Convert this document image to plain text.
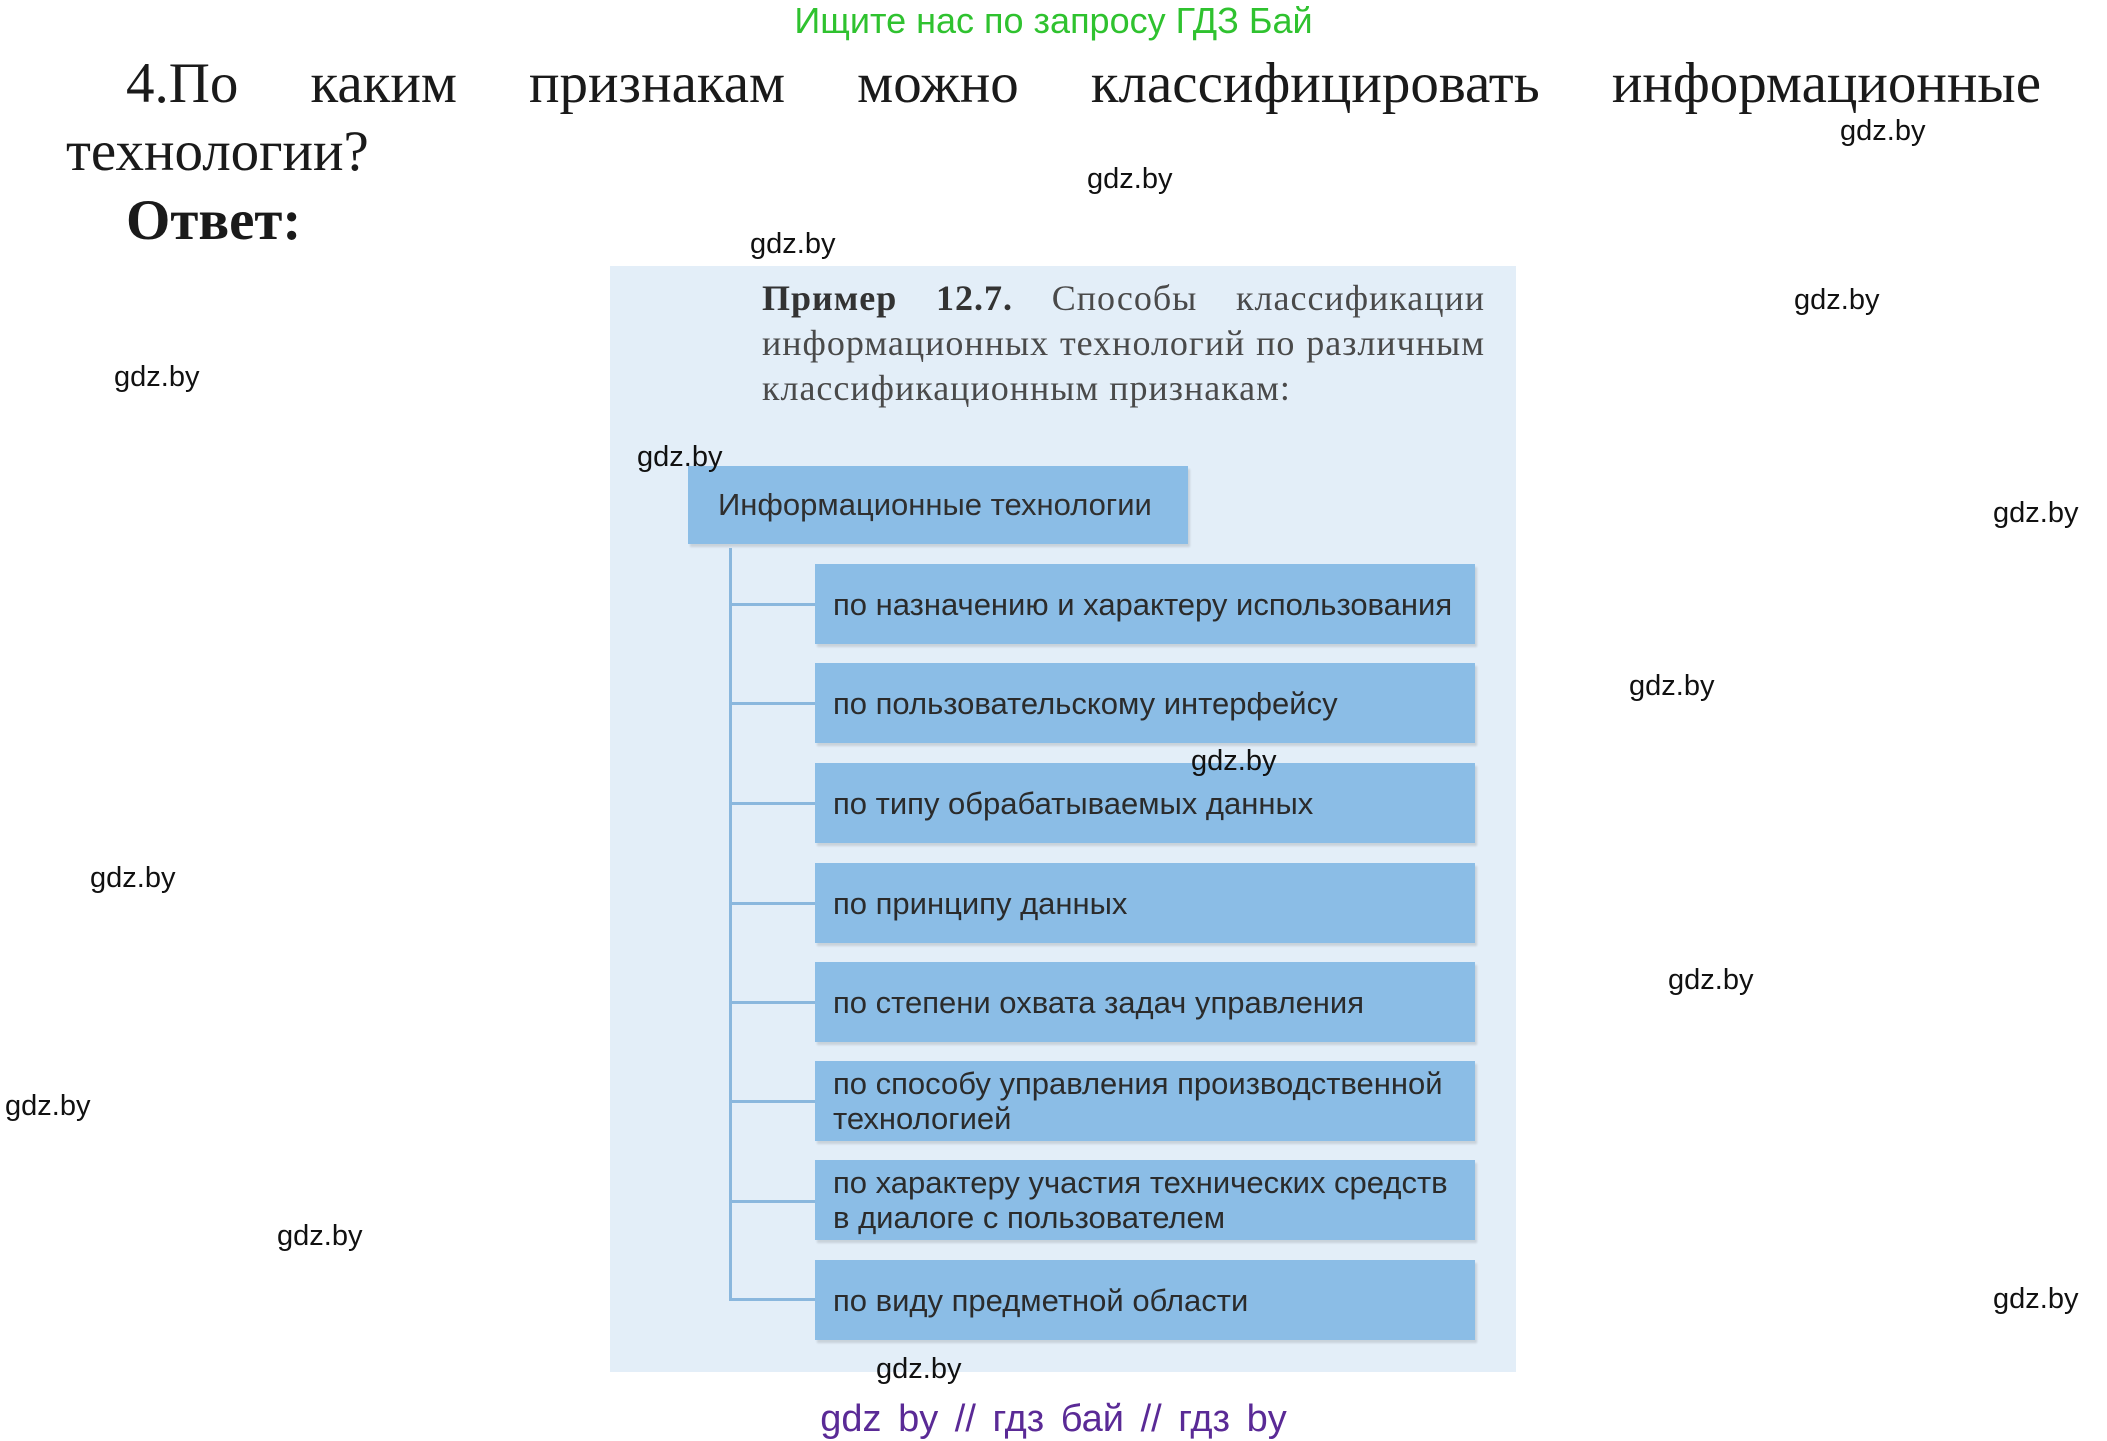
Ищите нас по запросу ГДЗ Бай
4.По каким признакам можно классифицировать информационные технологии?
Ответ:
Пример 12.7. Способы классификации информационных технологий по различным классификационным признакам:
Информационные технологии
по назначению и характеру использования
по пользовательскому интерфейсу
по типу обрабатываемых данных
по принципу данных
по степени охвата задач управления
по способу управления производственной технологией
по характеру участия технических средств в диалоге с пользователем
по виду предметной области
gdz.by
gdz.by
gdz.by
gdz.by
gdz.by
gdz.by
gdz.by
gdz.by
gdz.by
gdz.by
gdz.by
gdz.by
gdz.by
gdz.by
gdz.by
gdz by // гдз бай // гдз by
